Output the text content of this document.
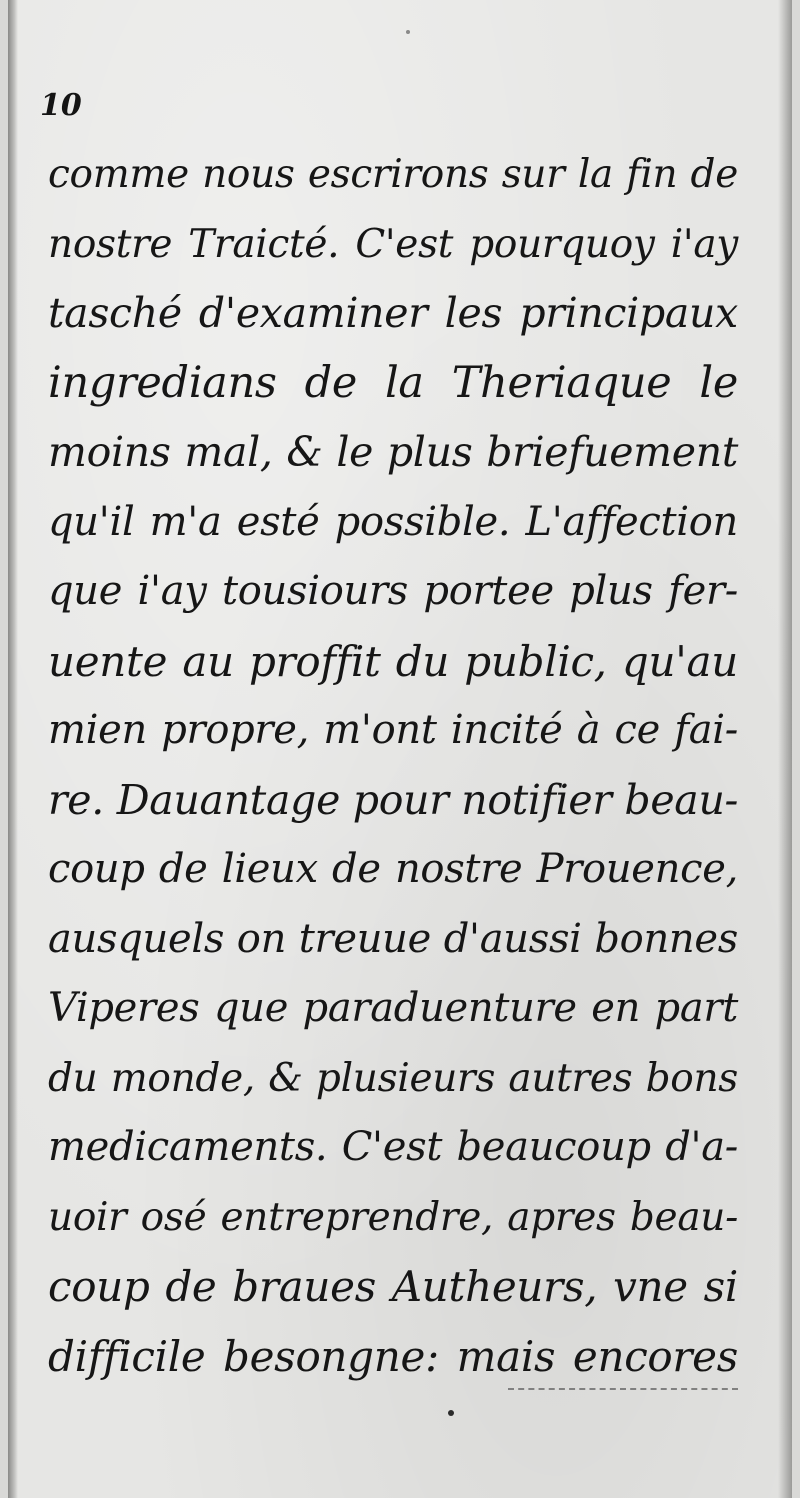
10

comme nous escrirons sur la fin de
nostre Traicté. C'est pourquoy i'ay
tasché d'examiner les principaux
ingredians de la Theriaque le
moins mal, & le plus briefuement
qu'il m'a esté possible. L'affection
que i'ay tousiours portee plus fer-
uente au proffit du public, qu'au
mien propre, m'ont incité à ce fai-
re. Dauantage pour notifier beau-
coup de lieux de nostre Prouence,
ausquels on treuue d'aussi bonnes
Viperes que paraduenture en part
du monde, & plusieurs autres bons
medicaments. C'est beaucoup d'a-
uoir osé entreprendre, apres beau-
coup de braues Autheurs, vne si
difficile besongne: mais encores
